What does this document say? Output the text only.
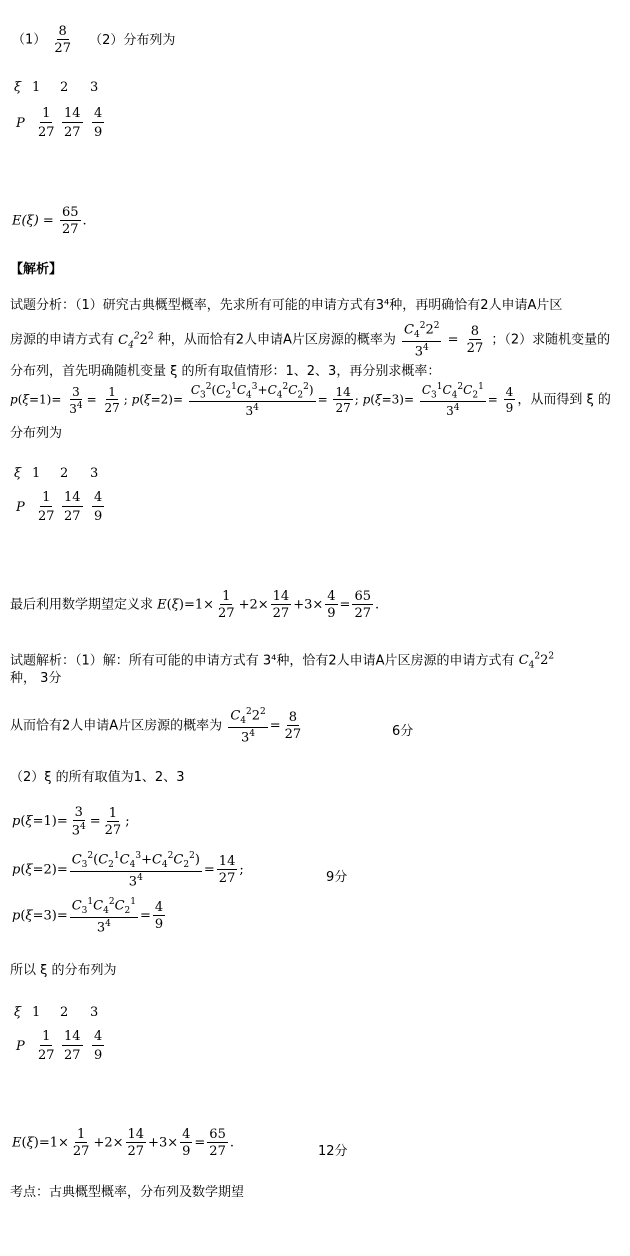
$(1) \frac{8}{27} (2)$分布列为
ξ 1 2 3
P $\frac{1}{27} \frac{14}{27} \frac{4}{9}$
$E(\xi) = \frac{65}{27}$ .
【解析】
试题分析：（1）研究古典概型概率，先求所有可能的申请方式有3⁴种，再明确恰有2人申请A片区
房源的申请方式有 $C_4^22^2$ 种，从而恰有2人申请A片区房源的概率为 $\frac{C_4^22^2}{3^4} = \frac{8}{27}$ ；（2）求随机变量的
分布列，首先明确随机变量 ξ 的所有取值情形：1、2、3，再分别求概率：
$p(\xi=1)= \frac{3}{3^4} = \frac{1}{27}$ ; $p(\xi=2)= \frac{C_3^2(C_2^1C_4^3+C_4^2C_2^2)}{3^4} = \frac{14}{27}$ ; $p(\xi=3)= \frac{C_3^1C_4^2C_2^1}{3^4} = \frac{4}{9}$ ，从而得到 ξ 的
分布列为
ξ 1 2 3
P $\frac{1}{27} \frac{14}{27} \frac{4}{9}$
最后利用数学期望定义求 $E(\xi)=1\times \frac{1}{27} +2\times \frac{14}{27} +3\times \frac{4}{9} = \frac{65}{27}$ .
试题解析：（1）解：所有可能的申请方式有 3⁴种，恰有2人申请A片区房源的申请方式有 $C_4^22^2$
种， 3分
从而恰有2人申请A片区房源的概率为 $\frac{C_4^22^2}{3^4} = \frac{8}{27}$	6分
（2）ξ 的所有取值为1、2、3
$p(\xi=1)= \frac{3}{3^4} = \frac{1}{27}$ ;
$p(\xi=2)= \frac{C_3^2(C_2^1C_4^3+C_4^2C_2^2)}{3^4} = \frac{14}{27}$ ;	9分
$p(\xi=3)= \frac{C_3^1C_4^2C_2^1}{3^4} = \frac{4}{9}$
所以 ξ 的分布列为
ξ 1 2 3
P $\frac{1}{27} \frac{14}{27} \frac{4}{9}$
$E(\xi)=1\times \frac{1}{27} +2\times \frac{14}{27} +3\times \frac{4}{9} = \frac{65}{27}$ .
12分
考点：古典概型概率，分布列及数学期望
